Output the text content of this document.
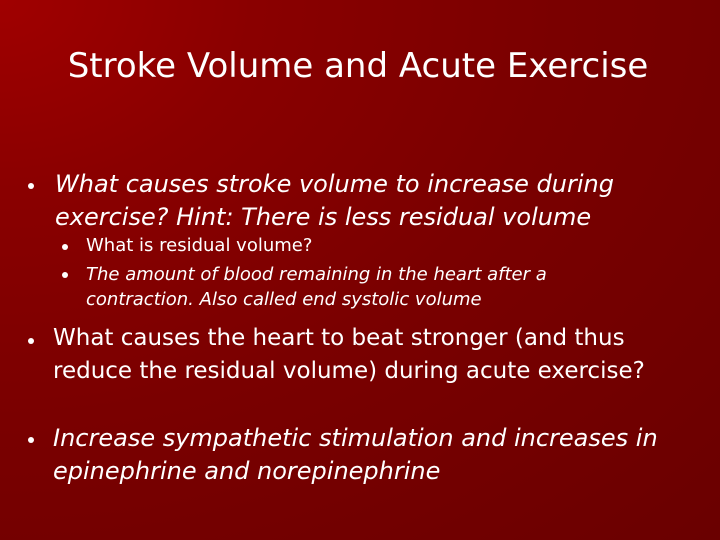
Stroke Volume and Acute Exercise
What causes stroke volume to increase during exercise? Hint: There is less residual volume
What is residual volume?
The amount of blood remaining in the heart after a contraction. Also called end systolic volume
What causes the heart to beat stronger (and thus reduce the residual volume) during acute exercise?
Increase sympathetic stimulation and increases in epinephrine and norepinephrine
